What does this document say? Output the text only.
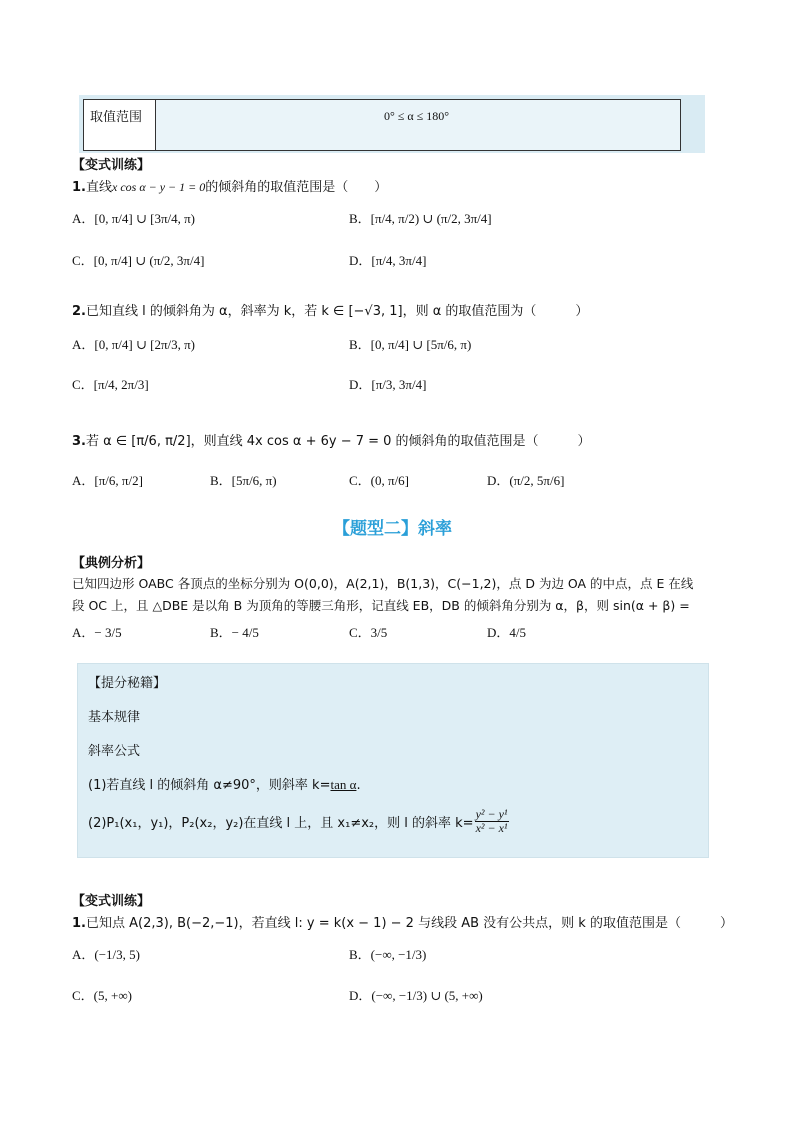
取值范围	0° ≤ α ≤ 180°
【变式训练】
1.直线x cos α − y − 1 = 0的倾斜角的取值范围是（　　）
A．[0, π/4] ∪ [3π/4, π)	B．[π/4, π/2) ∪ (π/2, 3π/4]
C．[0, π/4] ∪ (π/2, 3π/4]	D．[π/4, 3π/4]
2.已知直线 l 的倾斜角为 α，斜率为 k，若 k ∈ [−√3, 1]，则 α 的取值范围为（　　　）
A．[0, π/4] ∪ [2π/3, π)	B．[0, π/4] ∪ [5π/6, π)
C．[π/4, 2π/3]	D．[π/3, 3π/4]
3.若 α ∈ [π/6, π/2]，则直线 4x cos α + 6y − 7 = 0 的倾斜角的取值范围是（　　　）
A．[π/6, π/2]	B．[5π/6, π)	C．(0, π/6]	D．(π/2, 5π/6]
【题型二】斜率
【典例分析】
已知四边形 OABC 各顶点的坐标分别为 O(0,0)，A(2,1)，B(1,3)，C(−1,2)，点 D 为边 OA 的中点，点 E 在线
段 OC 上，且 △DBE 是以角 B 为顶角的等腰三角形，记直线 EB，DB 的倾斜角分别为 α，β，则 sin(α + β) =
A．− 3/5	B．− 4/5	C．3/5	D．4/5
【提分秘籍】
基本规律
斜率公式
(1)若直线 l 的倾斜角 α≠90°，则斜率 k=tan α.
(2)P₁(x₁，y₁)，P₂(x₂，y₂)在直线 l 上，且 x₁≠x₂，则 l 的斜率 $k= \frac{\text{y² − y¹}}{\text{x² − x¹}}$
【变式训练】
1.已知点 A(2,3), B(−2,−1)，若直线 l: y = k(x − 1) − 2 与线段 AB 没有公共点，则 k 的取值范围是（　　　）
A．(−1/3, 5)	B．(−∞, −1/3)
C．(5, +∞)	D．(−∞, −1/3) ∪ (5, +∞)
